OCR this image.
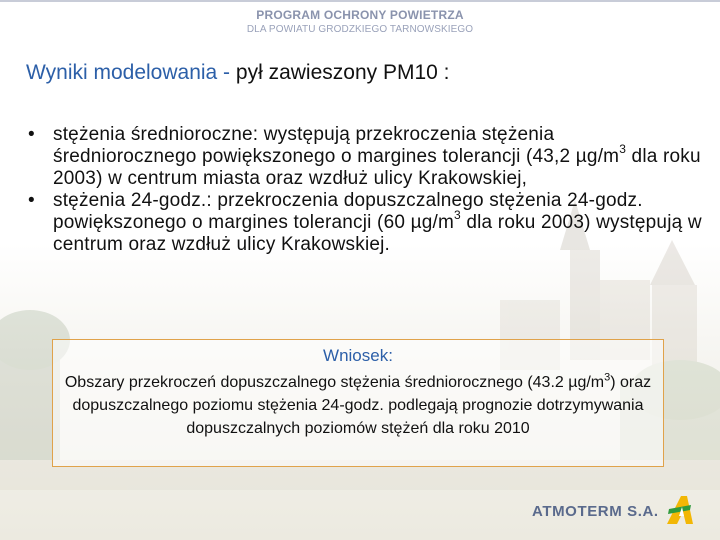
PROGRAM OCHRONY POWIETRZA
DLA POWIATU GRODZKIEGO TARNOWSKIEGO
Wyniki modelowania - pył zawieszony PM10 :
• stężenia średnioroczne: występują przekroczenia stężenia średniorocznego powiększonego o margines tolerancji (43,2 $\mu g/m^3$ dla roku 2003) w centrum miasta oraz wzdłuż ulicy Krakowskiej,
• stężenia 24-godz.: przekroczenia dopuszczalnego stężenia 24-godz. powiększonego o margines tolerancji (60 $\mu g/m^3$ dla roku 2003) występują w centrum oraz wzdłuż ulicy Krakowskiej.
Wniosek:
Obszary przekroczeń dopuszczalnego stężenia średniorocznego (43.2 $\mu g/m^3$) oraz dopuszczalnego poziomu stężenia 24-godz. podlegają prognozie dotrzymywania dopuszczalnych poziomów stężeń dla roku 2010
ATMOTERM S.A.
